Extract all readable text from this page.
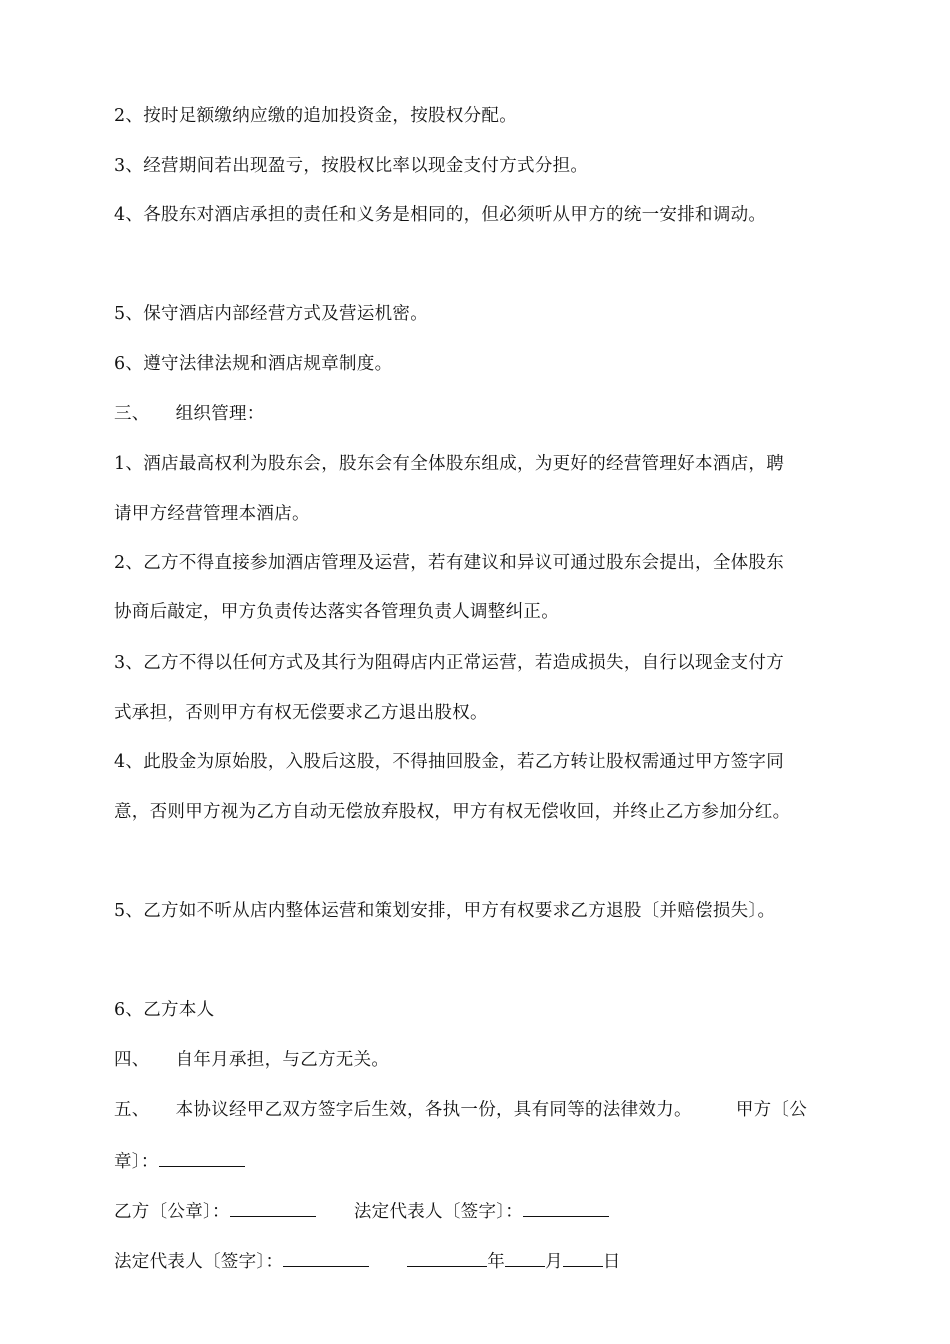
2、按时足额缴纳应缴的追加投资金，按股权分配。
3、经营期间若出现盈亏，按股权比率以现金支付方式分担。
4、各股东对酒店承担的责任和义务是相同的，但必须听从甲方的统一安排和调动。
5、保守酒店内部经营方式及营运机密。
6、遵守法律法规和酒店规章制度。
三、 组织管理：
1、酒店最高权利为股东会，股东会有全体股东组成，为更好的经营管理好本酒店，聘
请甲方经营管理本酒店。
2、乙方不得直接参加酒店管理及运营，若有建议和异议可通过股东会提出，全体股东
协商后敲定，甲方负责传达落实各管理负责人调整纠正。
3、乙方不得以任何方式及其行为阻碍店内正常运营，若造成损失，自行以现金支付方
式承担，否则甲方有权无偿要求乙方退出股权。
4、此股金为原始股，入股后这股，不得抽回股金，若乙方转让股权需通过甲方签字同
意，否则甲方视为乙方自动无偿放弃股权，甲方有权无偿收回，并终止乙方参加分红。
5、乙方如不听从店内整体运营和策划安排，甲方有权要求乙方退股〔并赔偿损失〕。
6、乙方本人
四、 自年月承担，与乙方无关。
五、 本协议经甲乙双方签字后生效，各执一份，具有同等的法律效力。	甲方〔公
章〕：
乙方〔公章〕：	法定代表人〔签字〕：
法定代表人〔签字〕：	年 月 日
